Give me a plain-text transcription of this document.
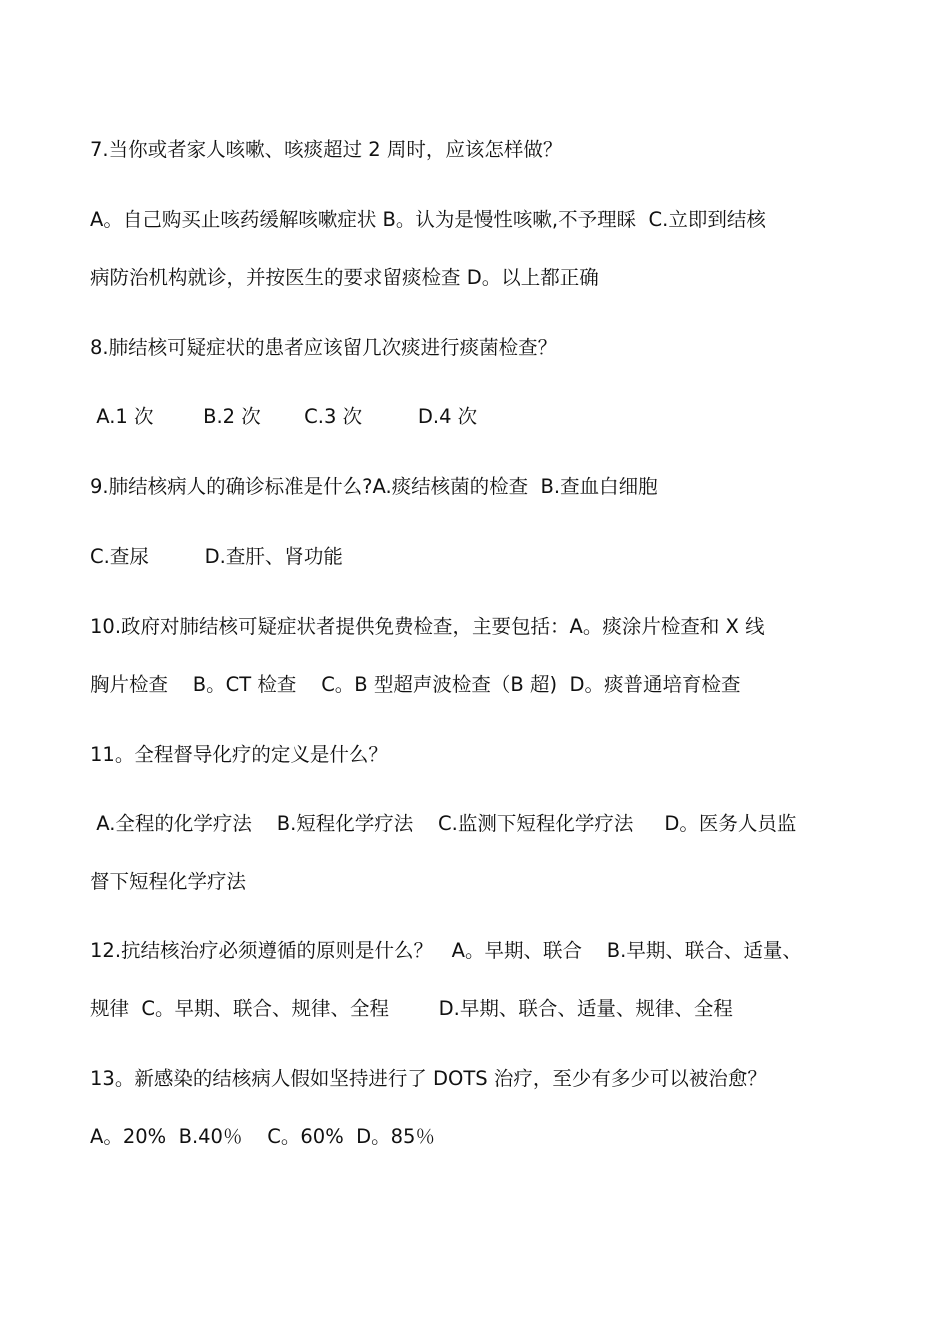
7.当你或者家人咳嗽、咳痰超过 2 周时，应该怎样做？
A。自己购买止咳药缓解咳嗽症状 B。认为是慢性咳嗽,不予理睬  C.立即到结核
病防治机构就诊，并按医生的要求留痰检查 D。以上都正确
8.肺结核可疑症状的患者应该留几次痰进行痰菌检查？
A.1 次        B.2 次       C.3 次         D.4 次
9.肺结核病人的确诊标准是什么?A.痰结核菌的检查  B.查血白细胞
C.查尿         D.查肝、肾功能
10.政府对肺结核可疑症状者提供免费检查，主要包括：A。痰涂片检查和 X 线
胸片检查    B。CT 检查    C。B 型超声波检查（B 超)  D。痰普通培育检查
11。全程督导化疗的定义是什么？
A.全程的化学疗法    B.短程化学疗法    C.监测下短程化学疗法     D。医务人员监
督下短程化学疗法
12.抗结核治疗必须遵循的原则是什么？   A。早期、联合    B.早期、联合、适量、
规律  C。早期、联合、规律、全程        D.早期、联合、适量、规律、全程
13。新感染的结核病人假如坚持进行了 DOTS 治疗，至少有多少可以被治愈？
A。20%  B.40％    C。60%  D。85％
